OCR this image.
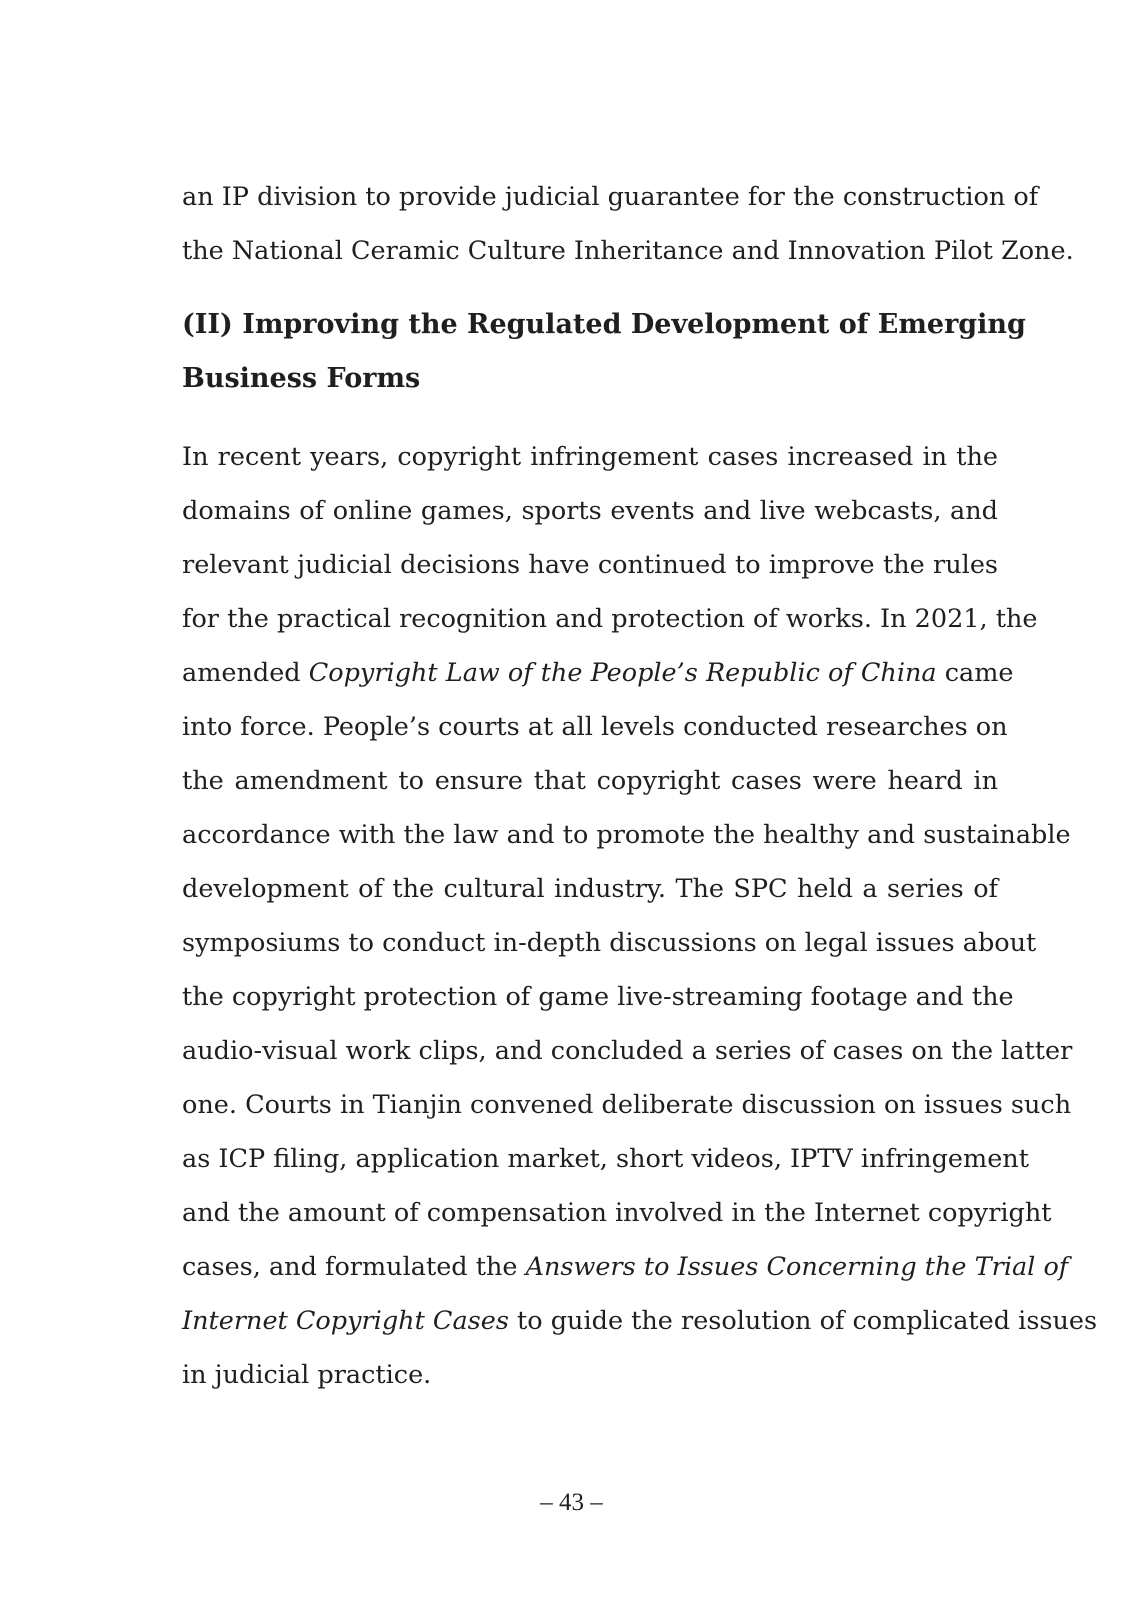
an IP division to provide judicial guarantee for the construction of
the National Ceramic Culture Inheritance and Innovation Pilot Zone.
(II) Improving the Regulated Development of Emerging
Business Forms
In recent years, copyright infringement cases increased in the
domains of online games, sports events and live webcasts, and
relevant judicial decisions have continued to improve the rules
for the practical recognition and protection of works. In 2021, the
amended Copyright Law of the People’s Republic of China came
into force. People’s courts at all levels conducted researches on
the amendment to ensure that copyright cases were heard in
accordance with the law and to promote the healthy and sustainable
development of the cultural industry. The SPC held a series of
symposiums to conduct in-depth discussions on legal issues about
the copyright protection of game live-streaming footage and the
audio-visual work clips, and concluded a series of cases on the latter
one. Courts in Tianjin convened deliberate discussion on issues such
as ICP filing, application market, short videos, IPTV infringement
and the amount of compensation involved in the Internet copyright
cases, and formulated the Answers to Issues Concerning the Trial of
Internet Copyright Cases to guide the resolution of complicated issues
in judicial practice.
– 43 –
